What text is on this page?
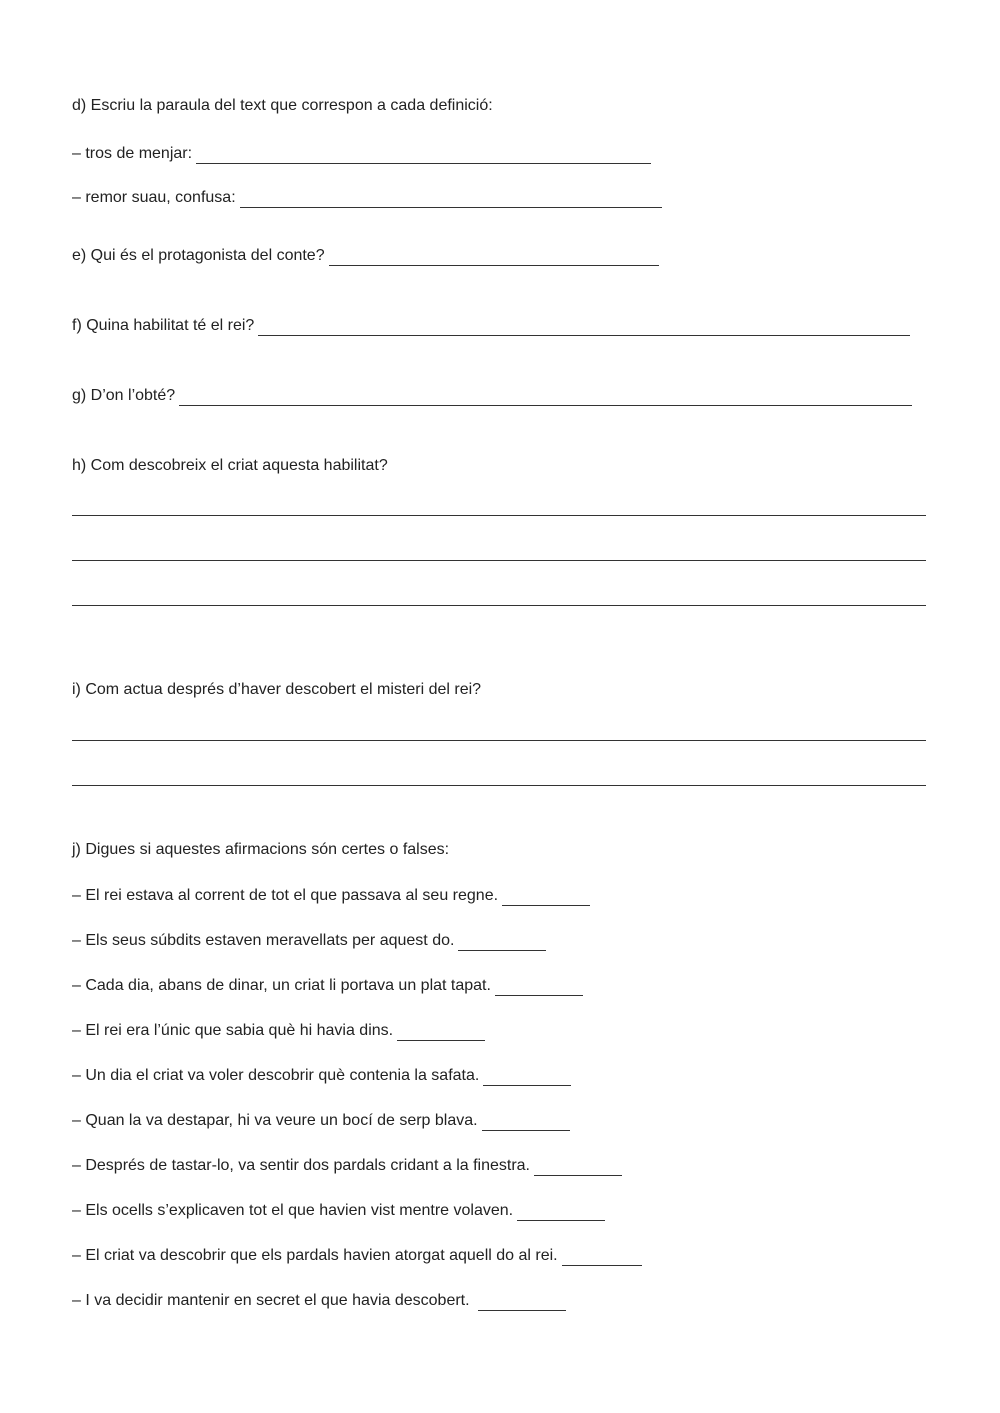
d) Escriu la paraula del text que correspon a cada definició:
– tros de menjar:
– remor suau, confusa:
e) Qui és el protagonista del conte?
f) Quina habilitat té el rei?
g) D’on l’obté?
h) Com descobreix el criat aquesta habilitat?
i) Com actua després d’haver descobert el misteri del rei?
j) Digues si aquestes afirmacions són certes o falses:
– El rei estava al corrent de tot el que passava al seu regne.
– Els seus súbdits estaven meravellats per aquest do.
– Cada dia, abans de dinar, un criat li portava un plat tapat.
– El rei era l’únic que sabia què hi havia dins.
– Un dia el criat va voler descobrir què contenia la safata.
– Quan la va destapar, hi va veure un bocí de serp blava.
– Després de tastar-lo, va sentir dos pardals cridant a la finestra.
– Els ocells s’explicaven tot el que havien vist mentre volaven.
– El criat va descobrir que els pardals havien atorgat aquell do al rei.
– I va decidir mantenir en secret el que havia descobert.
